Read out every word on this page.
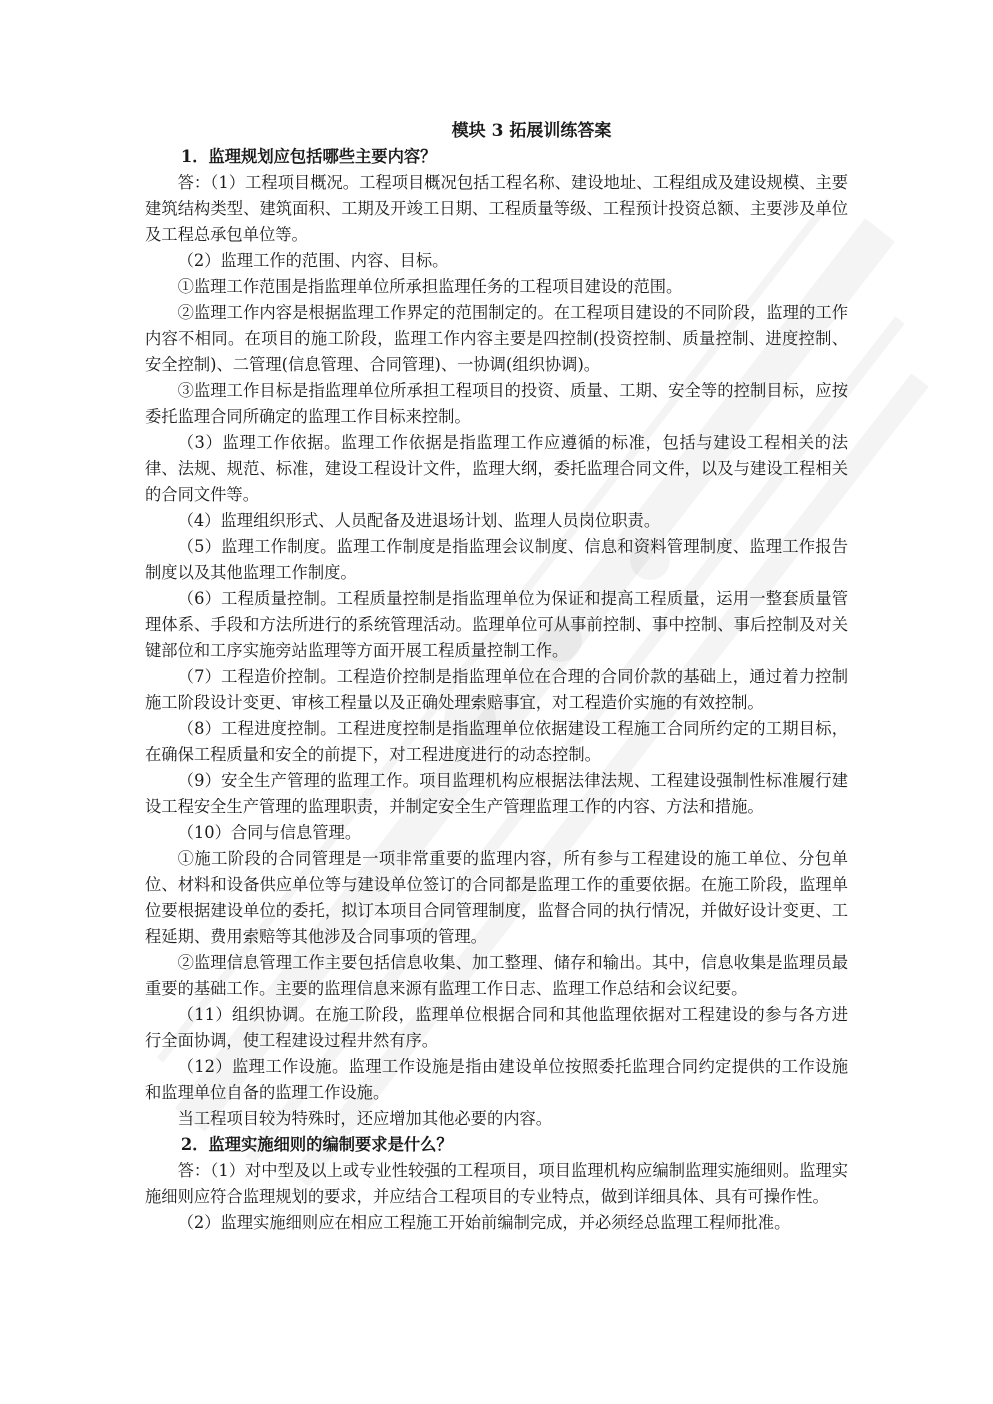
模块 3 拓展训练答案

1．监理规划应包括哪些主要内容？

答：（1）工程项目概况。工程项目概况包括工程名称、建设地址、工程组成及建设规模、主要建筑结构类型、建筑面积、工期及开竣工日期、工程质量等级、工程预计投资总额、主要涉及单位及工程总承包单位等。

（2）监理工作的范围、内容、目标。

①监理工作范围是指监理单位所承担监理任务的工程项目建设的范围。

②监理工作内容是根据监理工作界定的范围制定的。在工程项目建设的不同阶段，监理的工作内容不相同。在项目的施工阶段，监理工作内容主要是四控制(投资控制、质量控制、进度控制、安全控制)、二管理(信息管理、合同管理)、一协调(组织协调)。

③监理工作目标是指监理单位所承担工程项目的投资、质量、工期、安全等的控制目标，应按委托监理合同所确定的监理工作目标来控制。

（3）监理工作依据。监理工作依据是指监理工作应遵循的标准，包括与建设工程相关的法律、法规、规范、标准，建设工程设计文件，监理大纲，委托监理合同文件，以及与建设工程相关的合同文件等。

（4）监理组织形式、人员配备及进退场计划、监理人员岗位职责。

（5）监理工作制度。监理工作制度是指监理会议制度、信息和资料管理制度、监理工作报告制度以及其他监理工作制度。

（6）工程质量控制。工程质量控制是指监理单位为保证和提高工程质量，运用一整套质量管理体系、手段和方法所进行的系统管理活动。监理单位可从事前控制、事中控制、事后控制及对关键部位和工序实施旁站监理等方面开展工程质量控制工作。

（7）工程造价控制。工程造价控制是指监理单位在合理的合同价款的基础上，通过着力控制施工阶段设计变更、审核工程量以及正确处理索赔事宜，对工程造价实施的有效控制。

（8）工程进度控制。工程进度控制是指监理单位依据建设工程施工合同所约定的工期目标，在确保工程质量和安全的前提下，对工程进度进行的动态控制。

（9）安全生产管理的监理工作。项目监理机构应根据法律法规、工程建设强制性标准履行建设工程安全生产管理的监理职责，并制定安全生产管理监理工作的内容、方法和措施。

（10）合同与信息管理。

①施工阶段的合同管理是一项非常重要的监理内容，所有参与工程建设的施工单位、分包单位、材料和设备供应单位等与建设单位签订的合同都是监理工作的重要依据。在施工阶段，监理单位要根据建设单位的委托，拟订本项目合同管理制度，监督合同的执行情况，并做好设计变更、工程延期、费用索赔等其他涉及合同事项的管理。

②监理信息管理工作主要包括信息收集、加工整理、储存和输出。其中，信息收集是监理员最重要的基础工作。主要的监理信息来源有监理工作日志、监理工作总结和会议纪要。

（11）组织协调。在施工阶段，监理单位根据合同和其他监理依据对工程建设的参与各方进行全面协调，使工程建设过程井然有序。

（12）监理工作设施。监理工作设施是指由建设单位按照委托监理合同约定提供的工作设施和监理单位自备的监理工作设施。

当工程项目较为特殊时，还应增加其他必要的内容。

2．监理实施细则的编制要求是什么？

答：（1）对中型及以上或专业性较强的工程项目，项目监理机构应编制监理实施细则。监理实施细则应符合监理规划的要求，并应结合工程项目的专业特点，做到详细具体、具有可操作性。

（2）监理实施细则应在相应工程施工开始前编制完成，并必须经总监理工程师批准。
